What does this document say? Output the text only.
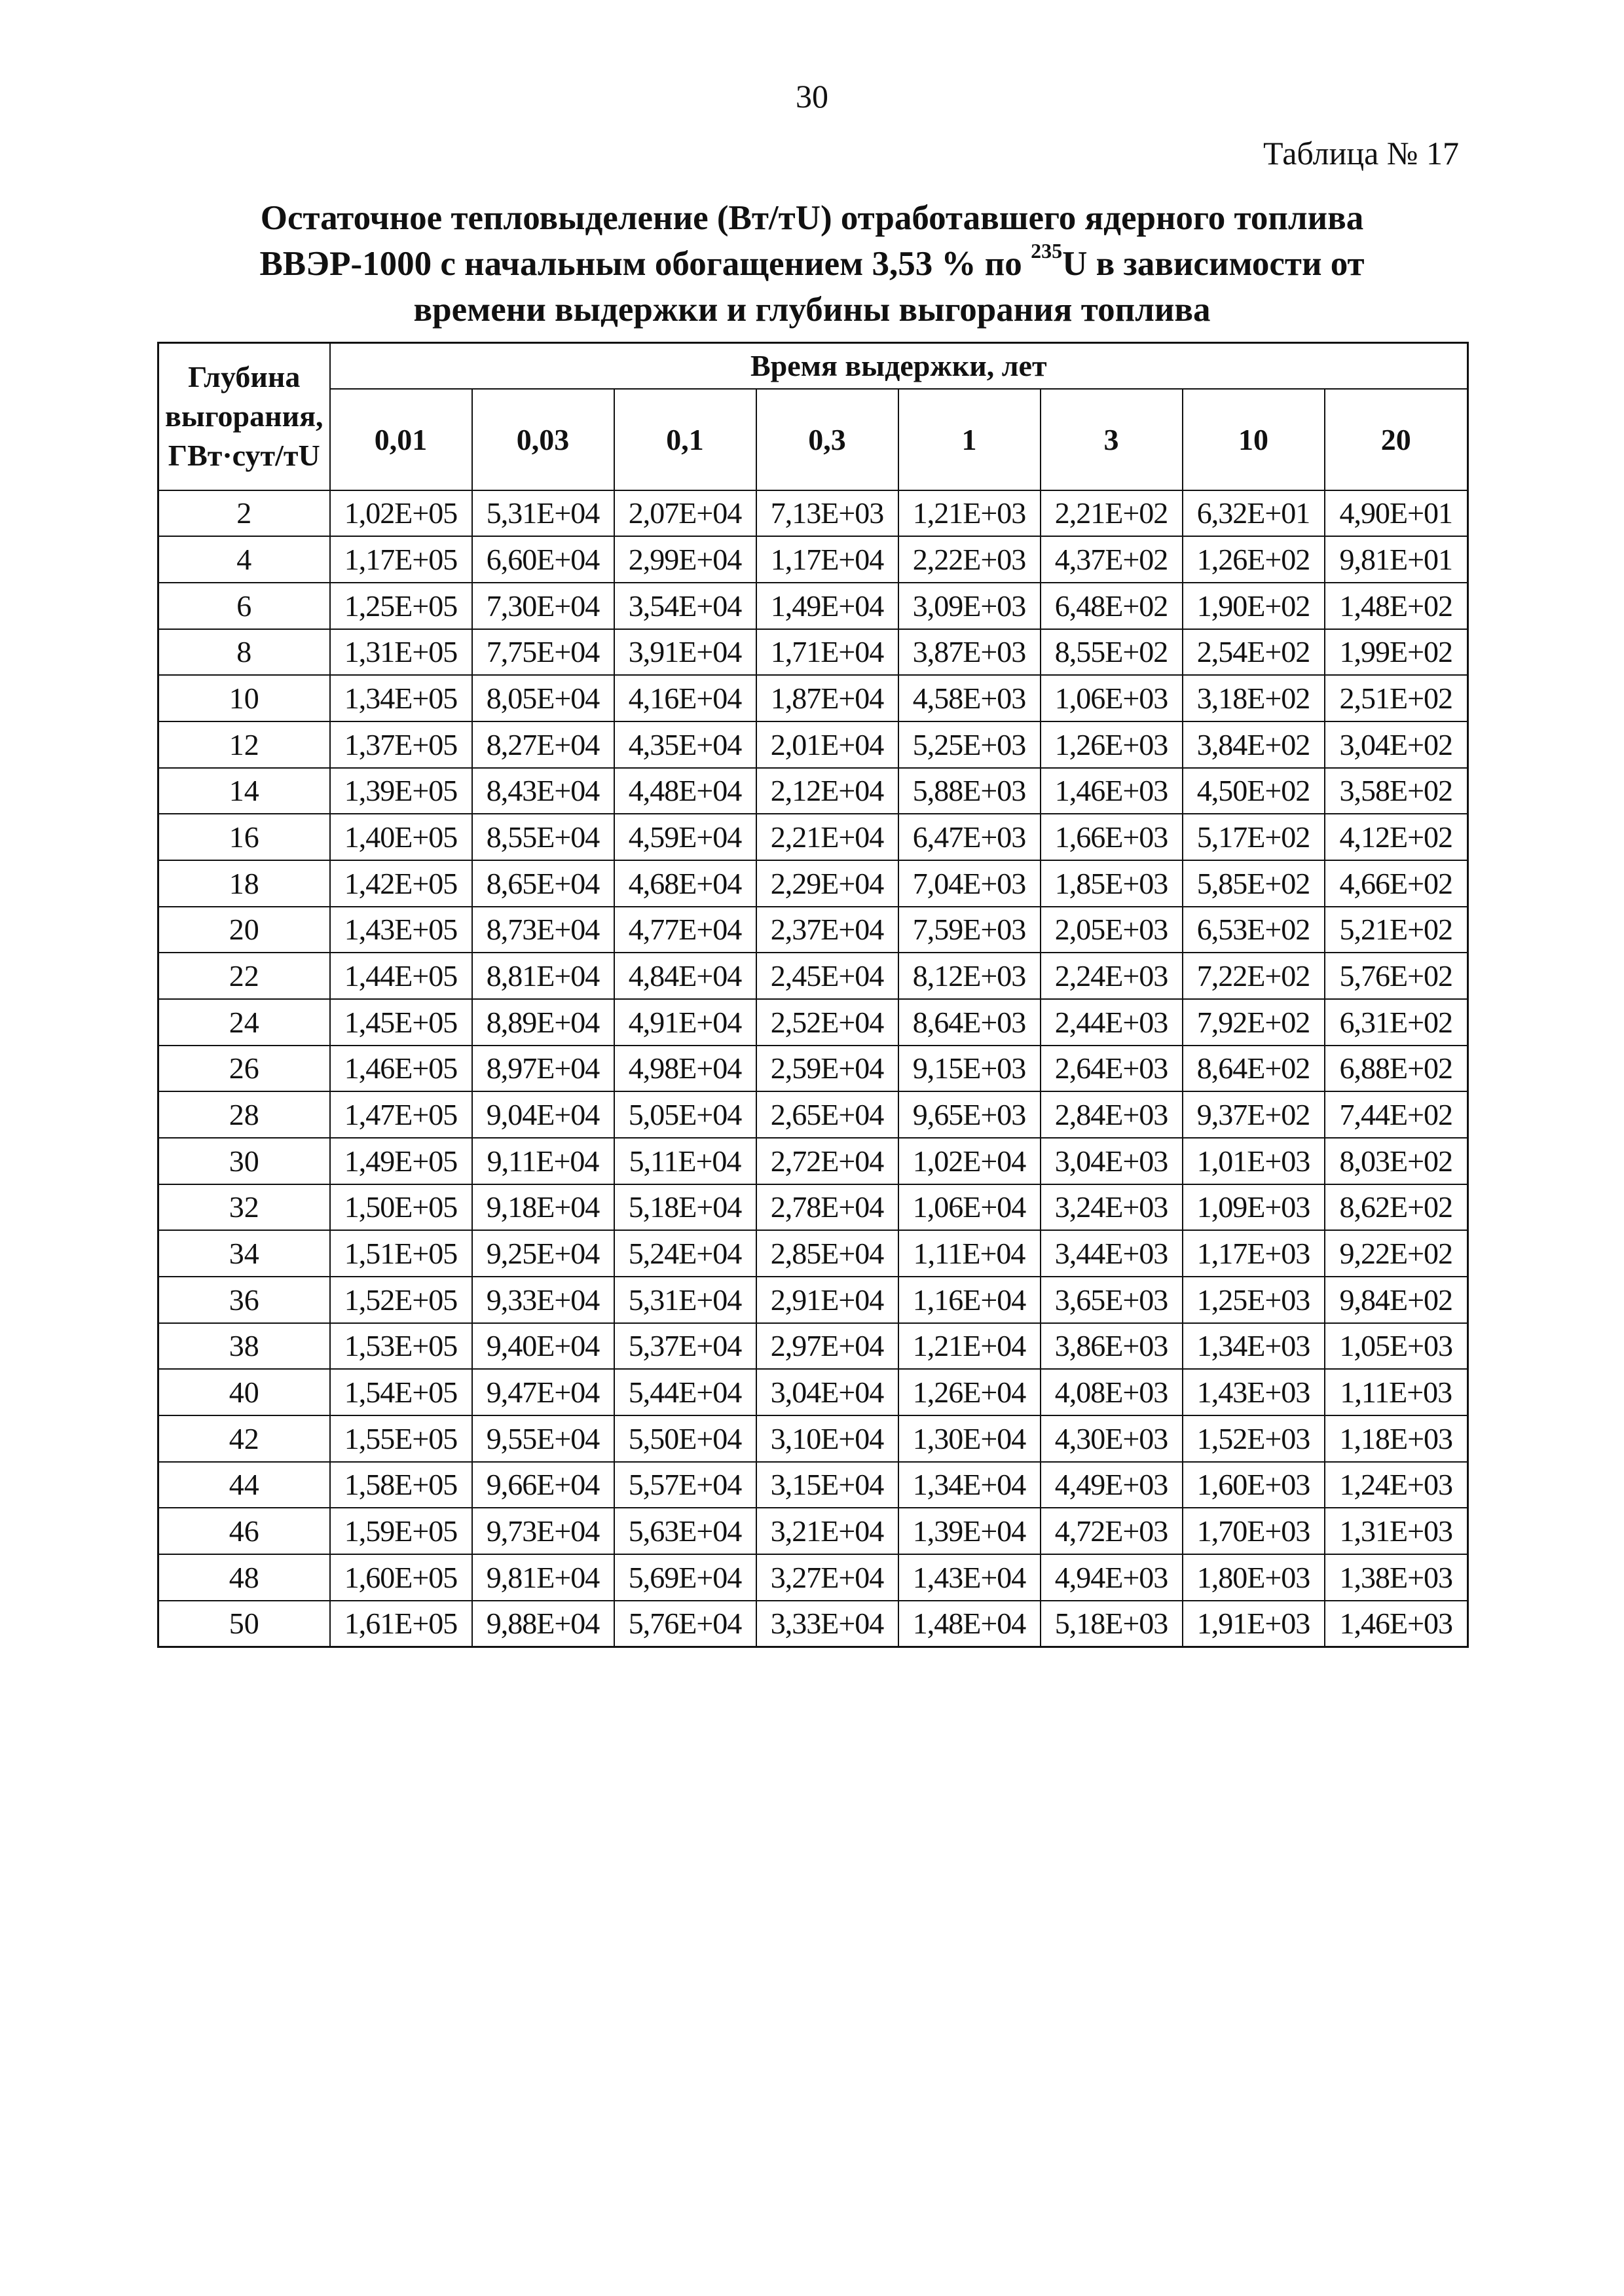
30
Таблица № 17
Остаточное тепловыделение (Вт/тU) отработавшего ядерного топлива
ВВЭР-1000 с начальным обогащением 3,53 % по $^{235}$U в зависимости от
времени выдержки и глубины выгорания топлива
Глубина
выгорания,
ГВт·сут/тU	Время выдержки, лет							
	0,01	0,03	0,1	0,3	1	3	10	20
2	1,02E+05	5,31E+04	2,07E+04	7,13E+03	1,21E+03	2,21E+02	6,32E+01	4,90E+01
4	1,17E+05	6,60E+04	2,99E+04	1,17E+04	2,22E+03	4,37E+02	1,26E+02	9,81E+01
6	1,25E+05	7,30E+04	3,54E+04	1,49E+04	3,09E+03	6,48E+02	1,90E+02	1,48E+02
8	1,31E+05	7,75E+04	3,91E+04	1,71E+04	3,87E+03	8,55E+02	2,54E+02	1,99E+02
10	1,34E+05	8,05E+04	4,16E+04	1,87E+04	4,58E+03	1,06E+03	3,18E+02	2,51E+02
12	1,37E+05	8,27E+04	4,35E+04	2,01E+04	5,25E+03	1,26E+03	3,84E+02	3,04E+02
14	1,39E+05	8,43E+04	4,48E+04	2,12E+04	5,88E+03	1,46E+03	4,50E+02	3,58E+02
16	1,40E+05	8,55E+04	4,59E+04	2,21E+04	6,47E+03	1,66E+03	5,17E+02	4,12E+02
18	1,42E+05	8,65E+04	4,68E+04	2,29E+04	7,04E+03	1,85E+03	5,85E+02	4,66E+02
20	1,43E+05	8,73E+04	4,77E+04	2,37E+04	7,59E+03	2,05E+03	6,53E+02	5,21E+02
22	1,44E+05	8,81E+04	4,84E+04	2,45E+04	8,12E+03	2,24E+03	7,22E+02	5,76E+02
24	1,45E+05	8,89E+04	4,91E+04	2,52E+04	8,64E+03	2,44E+03	7,92E+02	6,31E+02
26	1,46E+05	8,97E+04	4,98E+04	2,59E+04	9,15E+03	2,64E+03	8,64E+02	6,88E+02
28	1,47E+05	9,04E+04	5,05E+04	2,65E+04	9,65E+03	2,84E+03	9,37E+02	7,44E+02
30	1,49E+05	9,11E+04	5,11E+04	2,72E+04	1,02E+04	3,04E+03	1,01E+03	8,03E+02
32	1,50E+05	9,18E+04	5,18E+04	2,78E+04	1,06E+04	3,24E+03	1,09E+03	8,62E+02
34	1,51E+05	9,25E+04	5,24E+04	2,85E+04	1,11E+04	3,44E+03	1,17E+03	9,22E+02
36	1,52E+05	9,33E+04	5,31E+04	2,91E+04	1,16E+04	3,65E+03	1,25E+03	9,84E+02
38	1,53E+05	9,40E+04	5,37E+04	2,97E+04	1,21E+04	3,86E+03	1,34E+03	1,05E+03
40	1,54E+05	9,47E+04	5,44E+04	3,04E+04	1,26E+04	4,08E+03	1,43E+03	1,11E+03
42	1,55E+05	9,55E+04	5,50E+04	3,10E+04	1,30E+04	4,30E+03	1,52E+03	1,18E+03
44	1,58E+05	9,66E+04	5,57E+04	3,15E+04	1,34E+04	4,49E+03	1,60E+03	1,24E+03
46	1,59E+05	9,73E+04	5,63E+04	3,21E+04	1,39E+04	4,72E+03	1,70E+03	1,31E+03
48	1,60E+05	9,81E+04	5,69E+04	3,27E+04	1,43E+04	4,94E+03	1,80E+03	1,38E+03
50	1,61E+05	9,88E+04	5,76E+04	3,33E+04	1,48E+04	5,18E+03	1,91E+03	1,46E+03
